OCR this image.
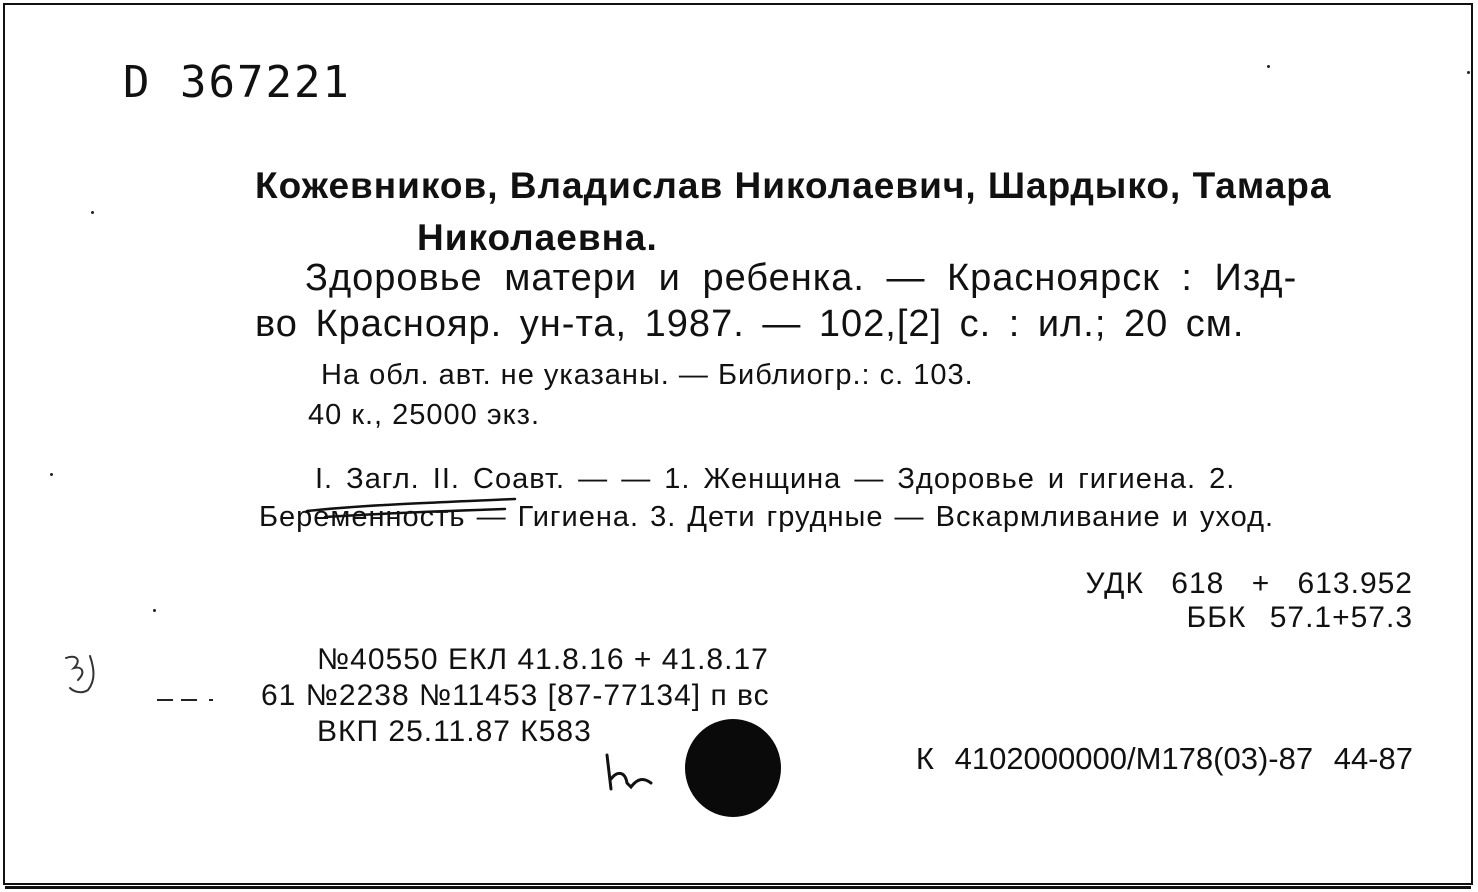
D 367221
Кожевников, Владислав Николаевич, Шардыко, Тамара
Николаевна.
Здоровье матери и ребенка. — Красноярск : Изд-
во Краснояр. ун-та, 1987. — 102,[2] с. : ил.; 20 см.
На обл. авт. не указаны. — Библиогр.: с. 103.
40 к., 25000 экз.
I. Загл. II. Соавт. — — 1. Женщина — Здоровье и гигиена. 2.
Беременность — Гигиена. 3. Дети грудные — Вскармливание и уход.
УДК 618 + 613.952
ББК 57.1+57.3
№40550 ЕКЛ 41.8.16 + 41.8.17
61 №2238 №11453 [87-77134] п вс
ВКП 25.11.87 К583
К 4102000000/М178(03)-87 44-87
